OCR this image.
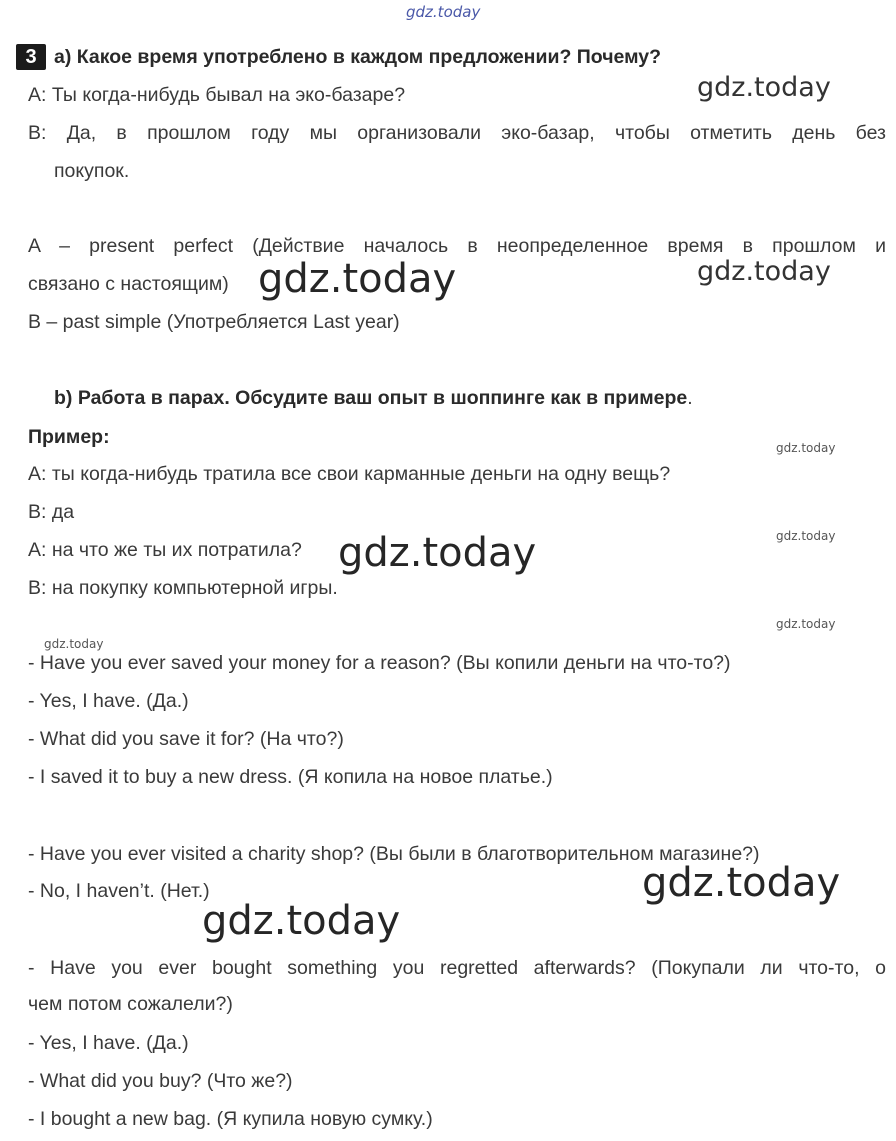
gdz.today
3 a) Какое время употреблено в каждом предложении? Почему?
A: Ты когда-нибудь бывал на эко-базаре?
B: Да, в прошлом году мы организовали эко-базар, чтобы отметить день без
покупок.
A – present perfect (Действие началось в неопределенное время в прошлом и
связано с настоящим)
B – past simple (Употребляется Last year)
b) Работа в парах. Обсудите ваш опыт в шоппинге как в примере.
Пример:
A: ты когда-нибудь тратила все свои карманные деньги на одну вещь?
B: да
A: на что же ты их потратила?
B: на покупку компьютерной игры.
- Have you ever saved your money for a reason? (Вы копили деньги на что-то?)
- Yes, I have. (Да.)
- What did you save it for? (На что?)
- I saved it to buy a new dress. (Я копила на новое платье.)
- Have you ever visited a charity shop? (Вы были в благотворительном магазине?)
- No, I haven’t. (Нет.)
- Have you ever bought something you regretted afterwards? (Покупали ли что-то, о
чем потом сожалели?)
- Yes, I have. (Да.)
- What did you buy? (Что же?)
- I bought a new bag. (Я купила новую сумку.)
gdz.today
gdz.today
gdz.today
gdz.today
gdz.today
gdz.today
gdz.today
gdz.today
gdz.today
gdz.today
